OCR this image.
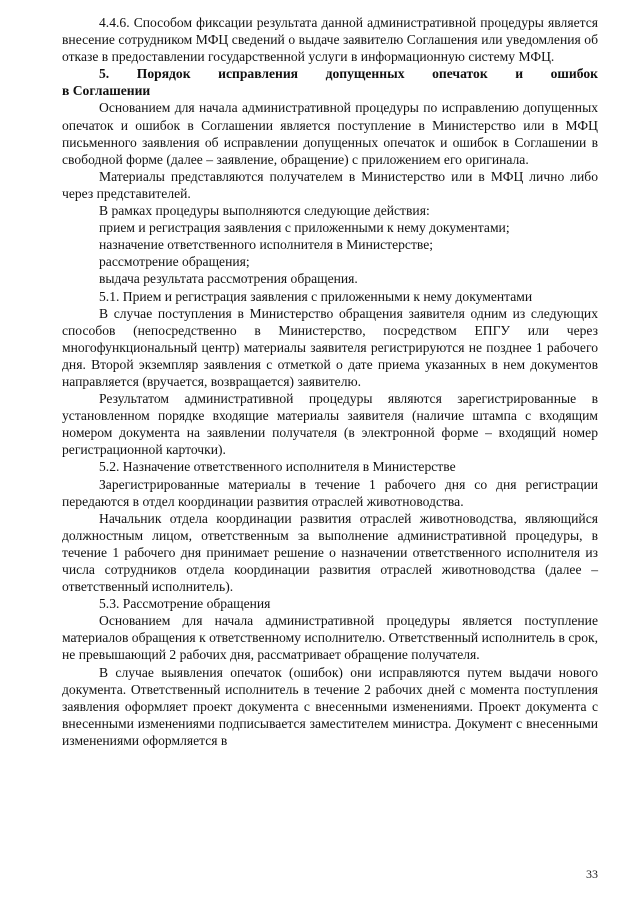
4.4.6. Способом фиксации результата данной административной процедуры является внесение сотрудником МФЦ сведений о выдаче заявителю Соглашения или уведомления об отказе в предоставлении государственной услуги в информационную систему МФЦ.

5. Порядок исправления допущенных опечаток и ошибок

в Соглашении

Основанием для начала административной процедуры по исправлению допущенных опечаток и ошибок в Соглашении является поступление в Министерство или в МФЦ письменного заявления об исправлении допущенных опечаток и ошибок в Соглашении в свободной форме (далее – заявление, обращение) с приложением его оригинала.

Материалы представляются получателем в Министерство или в МФЦ лично либо через представителей.

В рамках процедуры выполняются следующие действия:

прием и регистрация заявления с приложенными к нему документами;

назначение ответственного исполнителя в Министерстве;

рассмотрение обращения;

выдача результата рассмотрения обращения.

5.1. Прием и регистрация заявления с приложенными к нему документами

В случае поступления в Министерство обращения заявителя одним из следующих способов (непосредственно в Министерство, посредством ЕПГУ или через многофункциональный центр) материалы заявителя регистрируются не позднее 1 рабочего дня. Второй экземпляр заявления с отметкой о дате приема указанных в нем документов направляется (вручается, возвращается) заявителю.

Результатом административной процедуры являются зарегистрированные в установленном порядке входящие материалы заявителя (наличие штампа с входящим номером документа на заявлении получателя (в электронной форме – входящий номер регистрационной карточки).

5.2. Назначение ответственного исполнителя в Министерстве

Зарегистрированные материалы в течение 1 рабочего дня со дня регистрации передаются в отдел координации развития отраслей животноводства.

Начальник отдела координации развития отраслей животноводства, являющийся должностным лицом, ответственным за выполнение административной процедуры, в течение 1 рабочего дня принимает решение о назначении ответственного исполнителя из числа сотрудников отдела координации развития отраслей животноводства (далее – ответственный исполнитель).

5.3. Рассмотрение обращения

Основанием для начала административной процедуры является поступление материалов обращения к ответственному исполнителю. Ответственный исполнитель в срок, не превышающий 2 рабочих дня, рассматривает обращение получателя.

В случае выявления опечаток (ошибок) они исправляются путем выдачи нового документа. Ответственный исполнитель в течение 2 рабочих дней с момента поступления заявления оформляет проект документа с внесенными изменениями. Проект документа с внесенными изменениями подписывается заместителем министра. Документ с внесенными изменениями оформляется в

33
